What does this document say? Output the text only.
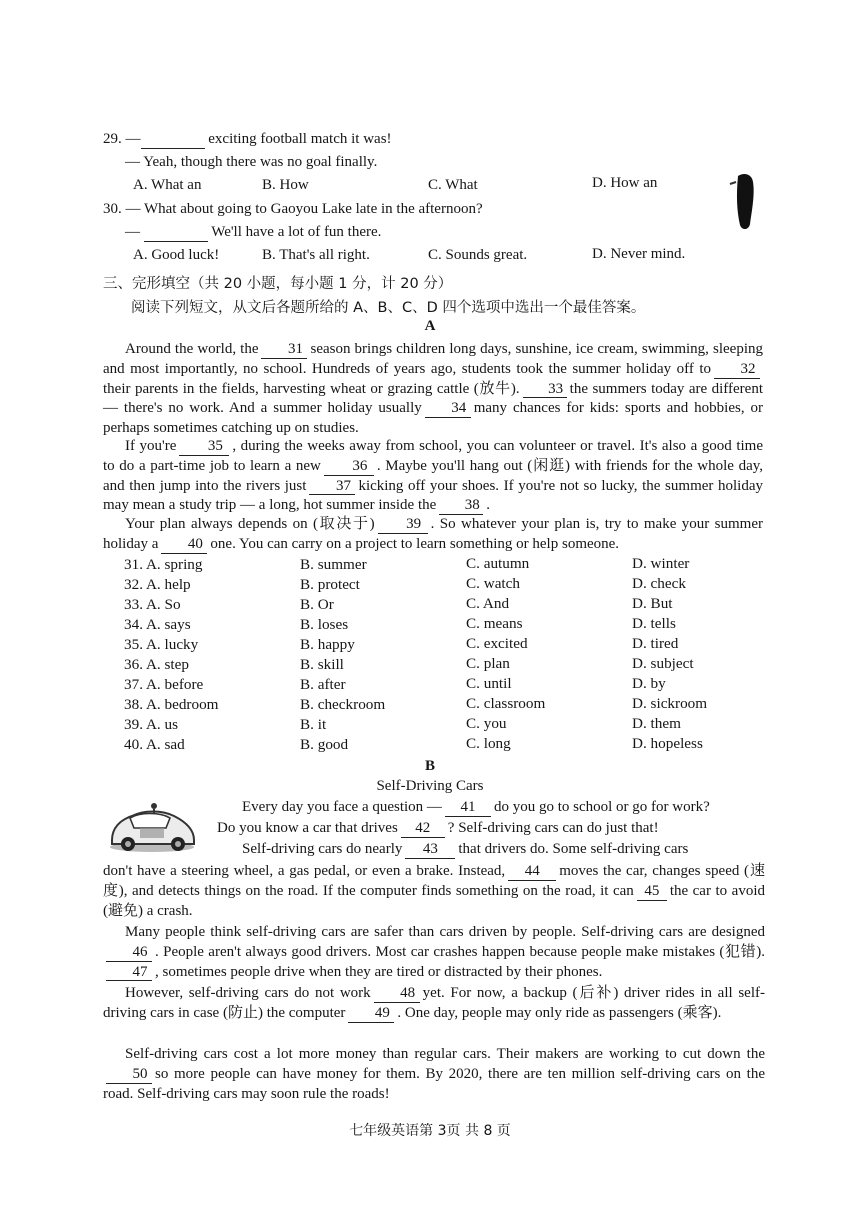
29. —	exciting football match it was!
— Yeah, though there was no goal finally.
A. What an	B. How	C. What	D. How an
30. — What about going to Gaoyou Lake late in the afternoon?
—	We'll have a lot of fun there.
A. Good luck!	B. That's all right.	C. Sounds great.	D. Never mind.
三、完形填空（共 20 小题，每小题 1 分，计 20 分）
阅读下列短文，从文后各题所给的 A、B、C、D 四个选项中选出一个最佳答案。
A
Around the world, the 31 season brings children long days, sunshine, ice cream, swimming, sleeping and most importantly, no school. Hundreds of years ago, students took the summer holiday off to 32their parents in the fields, harvesting wheat or grazing cattle (放牛). 33 the summers today are different — there's no work. And a summer holiday usually 34 many chances for kids: sports and hobbies, or perhaps sometimes catching up on studies.
If you're 35 , during the weeks away from school, you can volunteer or travel. It's also a good time to do a part-time job to learn a new 36 . Maybe you'll hang out (闲逛) with friends for the whole day, and then jump into the rivers just 37 kicking off your shoes. If you're not so lucky, the summer holiday may mean a study trip — a long, hot summer inside the 38 .
Your plan always depends on (取决于) 39 . So whatever your plan is, try to make your summer holiday a 40 one. You can carry on a project to learn something or help someone.
31. A. spring	B. summer	C. autumn	D. winter
32. A. help	B. protect	C. watch	D. check
33. A. So	B. Or	C. And	D. But
34. A. says	B. loses	C. means	D. tells
35. A. lucky	B. happy	C. excited	D. tired
36. A. step	B. skill	C. plan	D. subject
37. A. before	B. after	C. until	D. by
38. A. bedroom	B. checkroom	C. classroom	D. sickroom
39. A. us	B. it	C. you	D. them
40. A. sad	B. good	C. long	D. hopeless
B
Self-Driving Cars
Every day you face a question — 41 do you go to school or go for work?
Do you know a car that drives 42 ? Self-driving cars can do just that!
Self-driving cars do nearly 43 that drivers do. Some self-driving cars
don't have a steering wheel, a gas pedal, or even a brake. Instead, 44 moves the car, changes speed (速度), and detects things on the road. If the computer finds something on the road, it can 45 the car to avoid (避免) a crash.
Many people think self-driving cars are safer than cars driven by people. Self-driving cars are designed46 . People aren't always good drivers. Most car crashes happen because people make mistakes (犯错).47 , sometimes people drive when they are tired or distracted by their phones.
However, self-driving cars do not work 48 yet. For now, a backup (后补) driver rides in all self-driving cars in case (防止) the computer 49 . One day, people may only ride as passengers (乘客).
Self-driving cars cost a lot more money than regular cars. Their makers are working to cut down the50 so more people can have money for them. By 2020, there are ten million self-driving cars on the road. Self-driving cars may soon rule the roads!
七年级英语第 3页 共 8 页
